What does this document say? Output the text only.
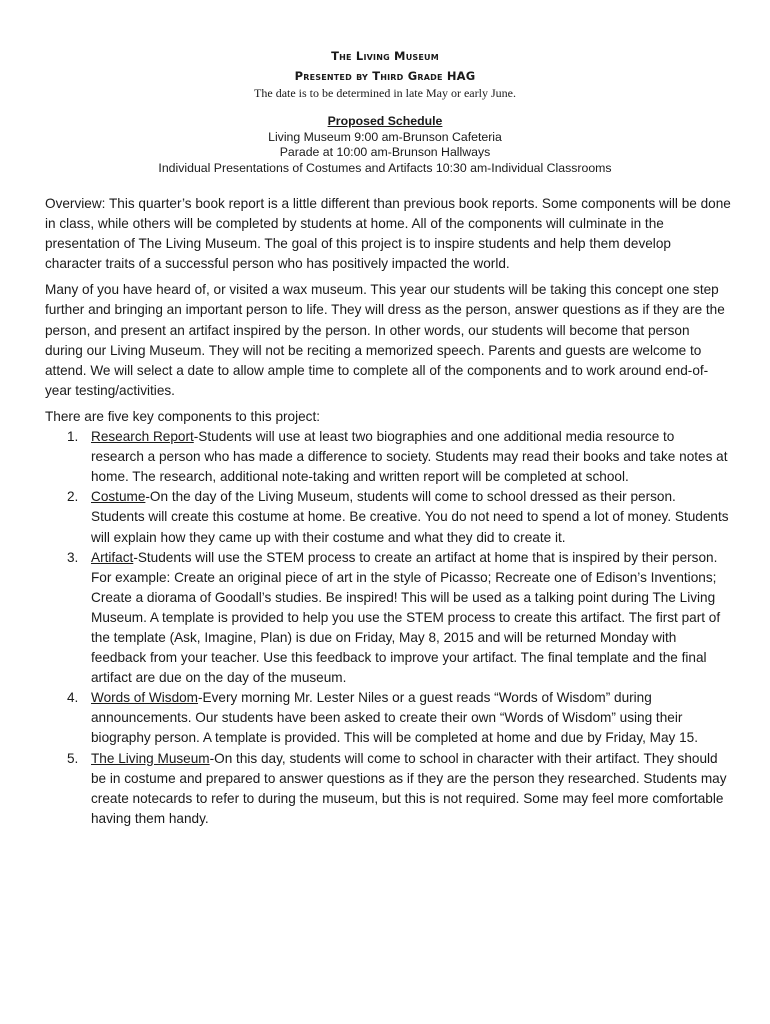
The Living Museum
Presented by Third Grade HAG
The date is to be determined in late May or early June.
Proposed Schedule
Living Museum 9:00 am-Brunson Cafeteria
Parade at 10:00 am-Brunson Hallways
Individual Presentations of Costumes and Artifacts 10:30 am-Individual Classrooms

Overview: This quarter’s book report is a little different than previous book reports. Some components will be done in class, while others will be completed by students at home. All of the components will culminate in the presentation of The Living Museum. The goal of this project is to inspire students and help them develop character traits of a successful person who has positively impacted the world.

Many of you have heard of, or visited a wax museum. This year our students will be taking this concept one step further and bringing an important person to life. They will dress as the person, answer questions as if they are the person, and present an artifact inspired by the person. In other words, our students will become that person during our Living Museum. They will not be reciting a memorized speech. Parents and guests are welcome to attend. We will select a date to allow ample time to complete all of the components and to work around end-of-year testing/activities.

There are five key components to this project:

1. Research Report-Students will use at least two biographies and one additional media resource to research a person who has made a difference to society. Students may read their books and take notes at home. The research, additional note-taking and written report will be completed at school.
2. Costume-On the day of the Living Museum, students will come to school dressed as their person. Students will create this costume at home. Be creative. You do not need to spend a lot of money. Students will explain how they came up with their costume and what they did to create it.
3. Artifact-Students will use the STEM process to create an artifact at home that is inspired by their person. For example: Create an original piece of art in the style of Picasso; Recreate one of Edison’s Inventions; Create a diorama of Goodall’s studies. Be inspired! This will be used as a talking point during The Living Museum. A template is provided to help you use the STEM process to create this artifact. The first part of the template (Ask, Imagine, Plan) is due on Friday, May 8, 2015 and will be returned Monday with feedback from your teacher. Use this feedback to improve your artifact. The final template and the final artifact are due on the day of the museum.
4. Words of Wisdom-Every morning Mr. Lester Niles or a guest reads “Words of Wisdom” during announcements. Our students have been asked to create their own “Words of Wisdom” using their biography person. A template is provided. This will be completed at home and due by Friday, May 15.
5. The Living Museum-On this day, students will come to school in character with their artifact. They should be in costume and prepared to answer questions as if they are the person they researched. Students may create notecards to refer to during the museum, but this is not required. Some may feel more comfortable having them handy.
